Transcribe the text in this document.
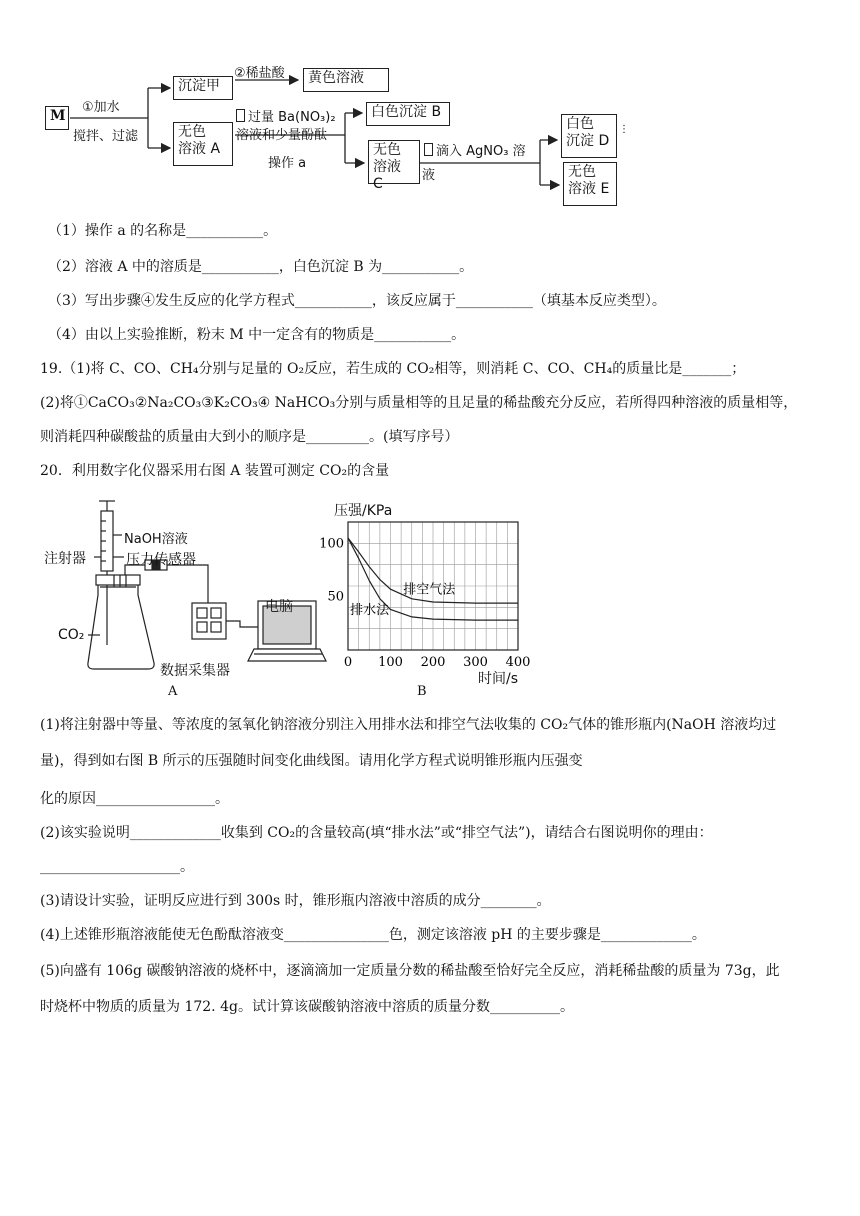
M
①加水
搅拌、过滤
沉淀甲
②稀盐酸	黄色溶液
无色
溶液 A
过量 Ba(NO₃)₂
溶液和少量酚酞
操作 a
白色沉淀 B
无色
溶液 C
滴入 AgNO₃ 溶
液
白色
沉淀 D
⋮
无色
溶液 E
（1）操作 a 的名称是___________。
（2）溶液 A 中的溶质是___________，白色沉淀 B 为___________。
（3）写出步骤④发生反应的化学方程式___________，该反应属于___________（填基本反应类型）。
（4）由以上实验推断，粉末 M 中一定含有的物质是___________。
19.（1)将 C、CO、CH₄分别与足量的 O₂反应，若生成的 CO₂相等，则消耗 C、CO、CH₄的质量比是_______；
(2)将①CaCO₃②Na₂CO₃③K₂CO₃④ NaHCO₃分别与质量相等的且足量的稀盐酸充分反应，若所得四种溶液的质量相等，
则消耗四种碳酸盐的质量由大到小的顺序是_________。(填写序号）
20．利用数字化仪器采用右图 A 装置可测定 CO₂的含量
注射器
NaOH溶液
压力传感器
CO₂
电脑
数据采集器
A
压强/KPa
0 100 200 300 400
50
100
排空气法
排水法
时间/s
B
(1)将注射器中等量、等浓度的氢氧化钠溶液分别注入用排水法和排空气法收集的 CO₂气体的锥形瓶内(NaOH 溶液均过
量)，得到如右图 B 所示的压强随时间变化曲线图。请用化学方程式说明锥形瓶内压强变
化的原因_________________。
(2)该实验说明_____________收集到 CO₂的含量较高(填“排水法”或“排空气法”)，请结合右图说明你的理由：
____________________。
(3)请设计实验，证明反应进行到 300s 时，锥形瓶内溶液中溶质的成分________。
(4)上述锥形瓶溶液能使无色酚酞溶液变_______________色，测定该溶液 pH 的主要步骤是_____________。
(5)向盛有 106g 碳酸钠溶液的烧杯中，逐滴滴加一定质量分数的稀盐酸至恰好完全反应，消耗稀盐酸的质量为 73g，此
时烧杯中物质的质量为 172. 4g。试计算该碳酸钠溶液中溶质的质量分数__________。
